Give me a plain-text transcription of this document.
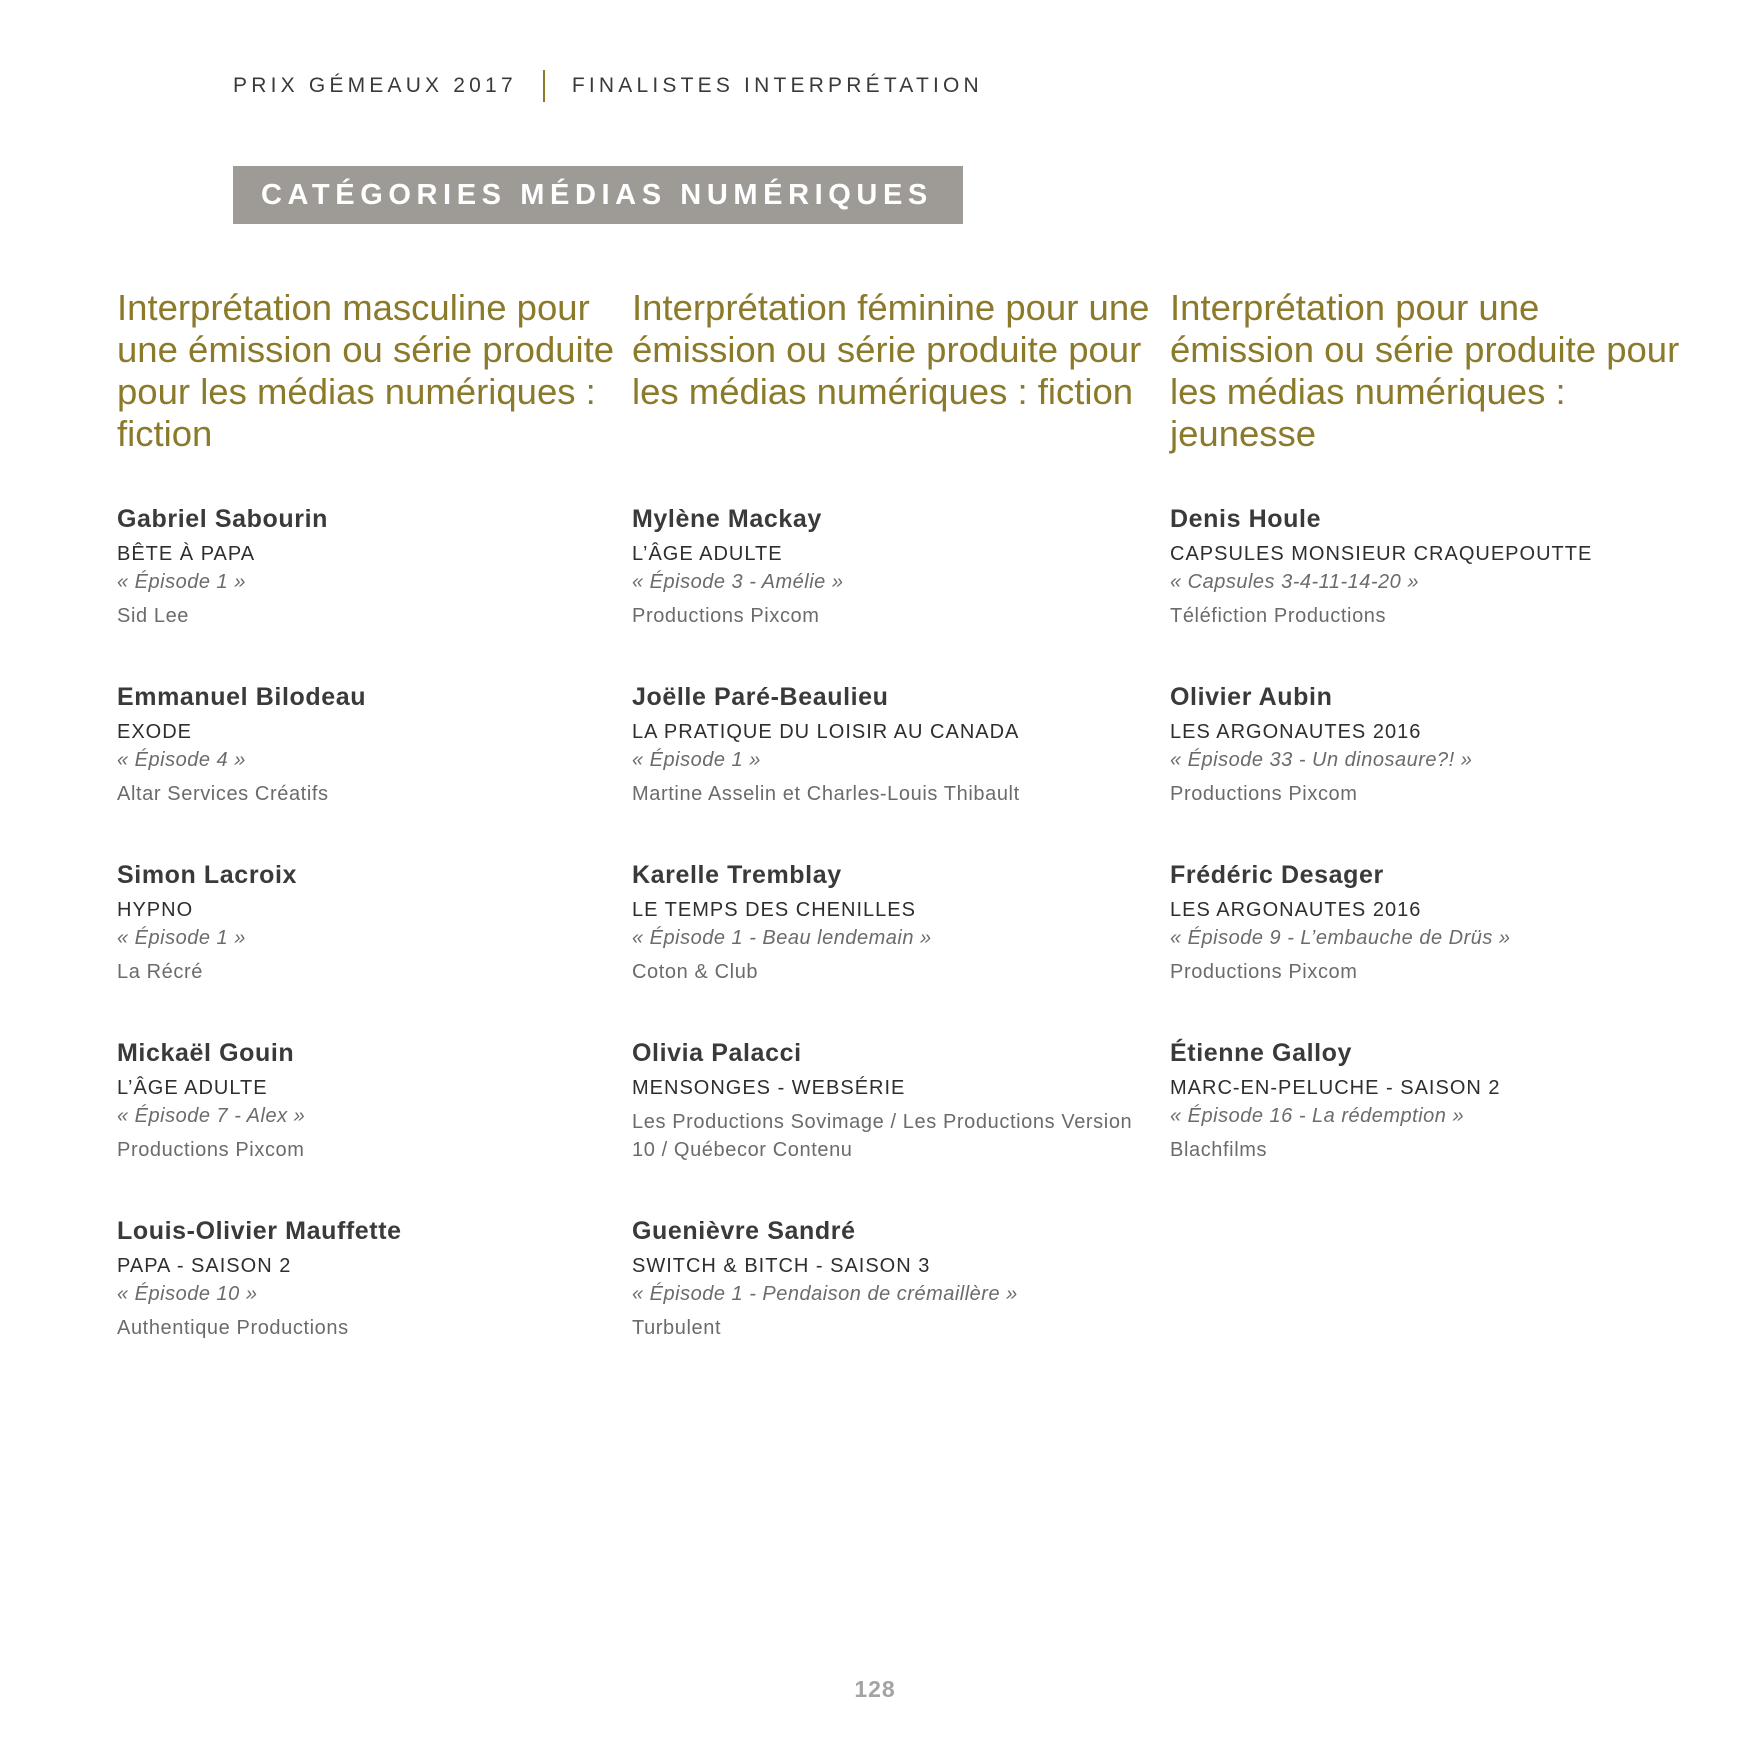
PRIX GÉMEAUX 2017	FINALISTES INTERPRÉTATION
CATÉGORIES MÉDIAS NUMÉRIQUES
Interprétation masculine pour une émission ou série produite pour les médias numériques : fiction
Gabriel Sabourin
BÊTE À PAPA
« Épisode 1 »
Sid Lee
Emmanuel Bilodeau
EXODE
« Épisode 4 »
Altar Services Créatifs
Simon Lacroix
HYPNO
« Épisode 1 »
La Récré
Mickaël Gouin
L’ÂGE ADULTE
« Épisode 7 - Alex »
Productions Pixcom
Louis-Olivier Mauffette
PAPA - SAISON 2
« Épisode 10 »
Authentique Productions
Interprétation féminine pour une émission ou série produite pour les médias numériques : fiction
Mylène Mackay
L’ÂGE ADULTE
« Épisode 3 - Amélie »
Productions Pixcom
Joëlle Paré-Beaulieu
LA PRATIQUE DU LOISIR AU CANADA
« Épisode 1 »
Martine Asselin et Charles-Louis Thibault
Karelle Tremblay
LE TEMPS DES CHENILLES
« Épisode 1 - Beau lendemain »
Coton & Club
Olivia Palacci
MENSONGES - WEBSÉRIE
Les Productions Sovimage / Les Productions Version 10 / Québecor Contenu
Guenièvre Sandré
SWITCH & BITCH - SAISON 3
« Épisode 1 - Pendaison de crémaillère »
Turbulent
Interprétation pour une émission ou série produite pour les médias numériques : jeunesse
Denis Houle
CAPSULES MONSIEUR CRAQUEPOUTTE
« Capsules 3-4-11-14-20 »
Téléfiction Productions
Olivier Aubin
LES ARGONAUTES 2016
« Épisode 33 - Un dinosaure?! »
Productions Pixcom
Frédéric Desager
LES ARGONAUTES 2016
« Épisode 9 - L’embauche de Drüs »
Productions Pixcom
Étienne Galloy
MARC-EN-PELUCHE - SAISON 2
« Épisode 16 - La rédemption »
Blachfilms
128
